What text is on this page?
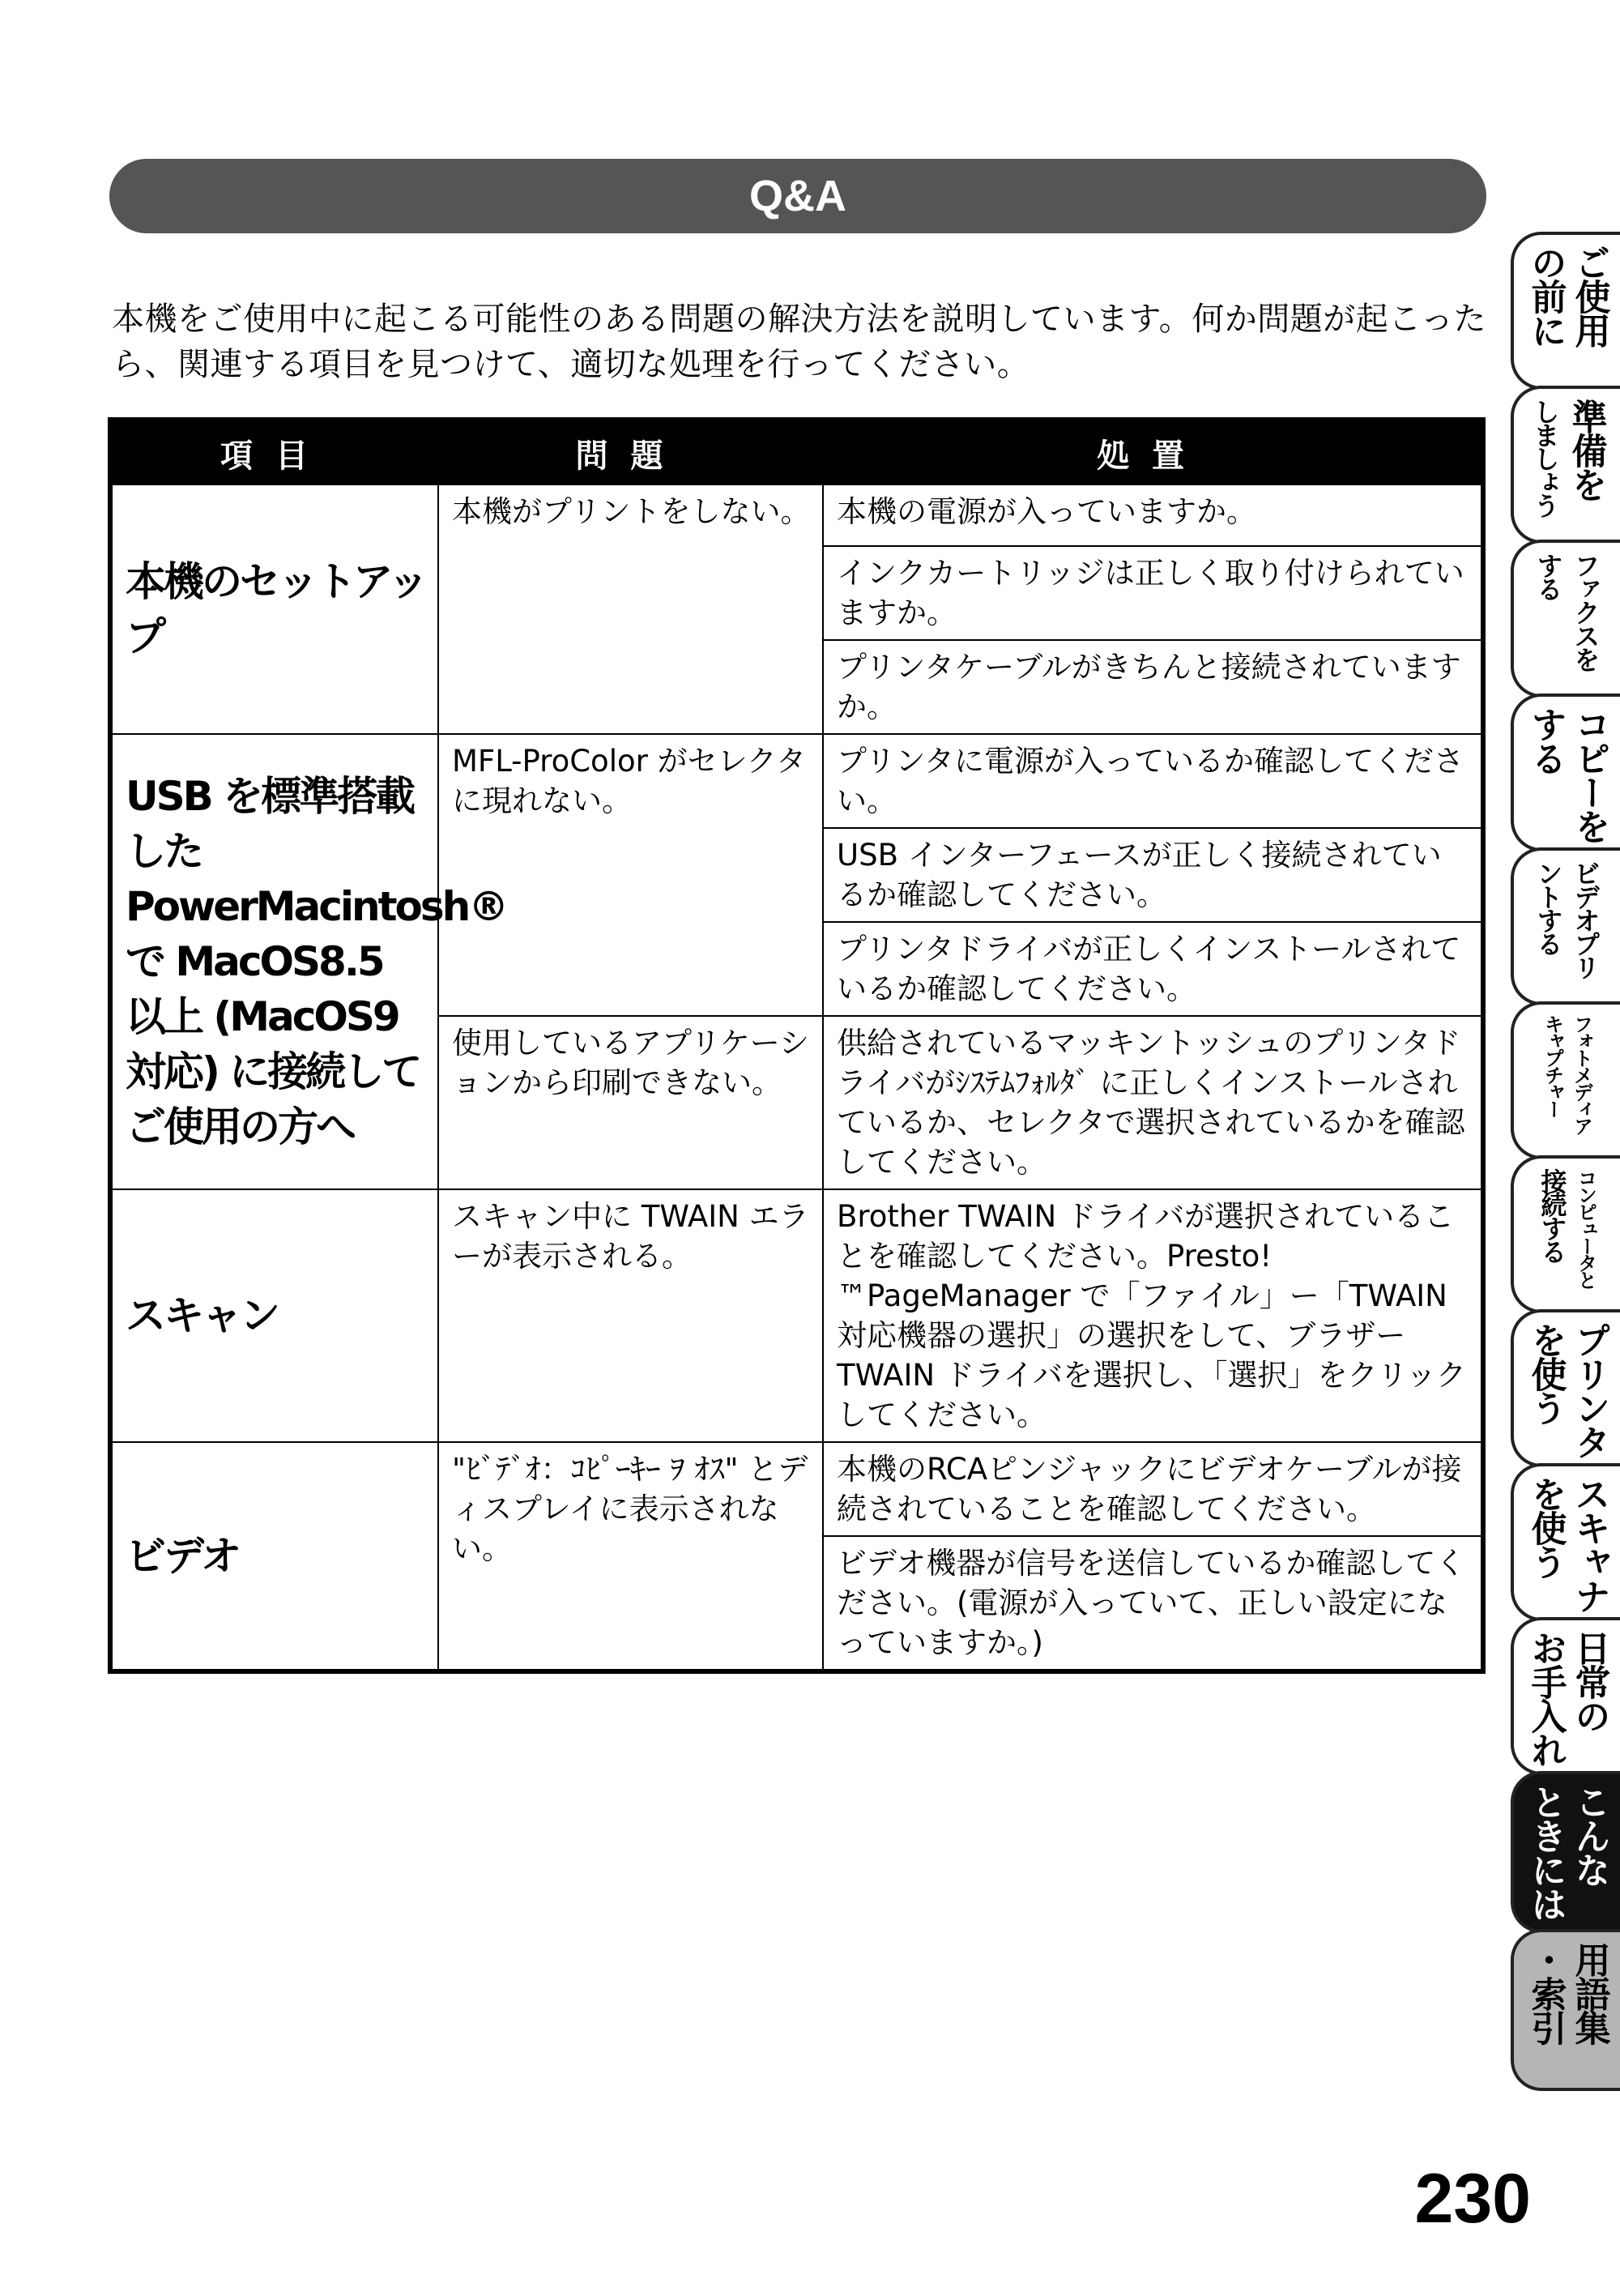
Q&A
本機をご使用中に起こる可能性のある問題の解決方法を説明しています。何か問題が起こったら、関連する項目を見つけて、適切な処理を行ってください。
項目	問題	処置
本機のセットアップ	本機がプリントをしない。	本機の電源が入っていますか。
		インクカートリッジは正しく取り付けられていますか。
		プリンタケーブルがきちんと接続されていますか。
USB を標準搭載した PowerMacintosh® で MacOS8.5 以上 (MacOS9 対応) に接続してご使用の方へ	MFL-ProColor がセレクタに現れない。	プリンタに電源が入っているか確認してください。
		USB インターフェースが正しく接続されているか確認してください。
		プリンタドライバが正しくインストールされているか確認してください。
	使用しているアプリケーションから印刷できない。	供給されているマッキントッシュのプリンタドライバがｼｽﾃﾑﾌｫﾙﾀﾞ に正しくインストールされているか、セレクタで選択されているかを確認してください。
スキャン	スキャン中に TWAIN エラーが表示される。	Brother TWAIN ドライバが選択されていることを確認してください。Presto!™PageManager で「ファイル」ー「TWAIN 対応機器の選択」の選択をして、ブラザー TWAIN ドライバを選択し、「選択」をクリックしてください。
ビデオ	"ﾋﾞﾃﾞｵ：ｺﾋﾟｰｷｰ ｦ ｵｽ" とディスプレイに表示されない。	本機のRCAピンジャックにビデオケーブルが接続されていることを確認してください。
		ビデオ機器が信号を送信しているか確認してください。(電源が入っていて、正しい設定になっていますか。)
ご使用
の前に
準備を
しましょう
ファクスを
する
コピーを
する
ビデオプリ
ントする
フォトメディア
キャプチャー
コンピュータと
接続する
プリンタ
を使う
スキャナ
を使う
日常の
お手入れ
こんな
ときには
用語集
・索引
230
